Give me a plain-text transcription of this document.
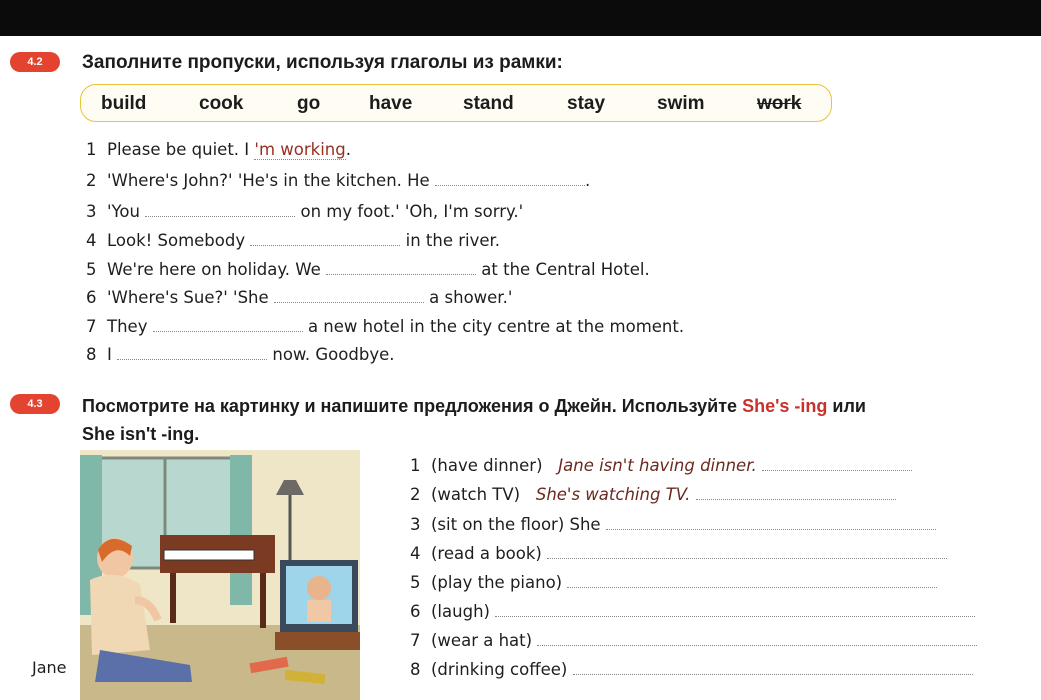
4.2	Заполните пропуски, используя глаголы из рамки:
build	cook	go	have	stand	stay	swim	work
1 Please be quiet. I 'm working.
2 'Where's John?' 'He's in the kitchen. He	.
3 'You	on my foot.' 'Oh, I'm sorry.'
4 Look! Somebody	in the river.
5 We're here on holiday. We	at the Central Hotel.
6 'Where's Sue?' 'She	a shower.'
7 They	a new hotel in the city centre at the moment.
8 I	now. Goodbye.
4.3	Посмотрите на картинку и напишите предложения о Джейн. Используйте She's -ing или
She isn't -ing.
Jane
1 (have dinner) Jane isn't having dinner.
2 (watch TV) She's watching TV.
3 (sit on the floor) She
4 (read a book)
5 (play the piano)
6 (laugh)
7 (wear a hat)
8 (drinking coffee)
